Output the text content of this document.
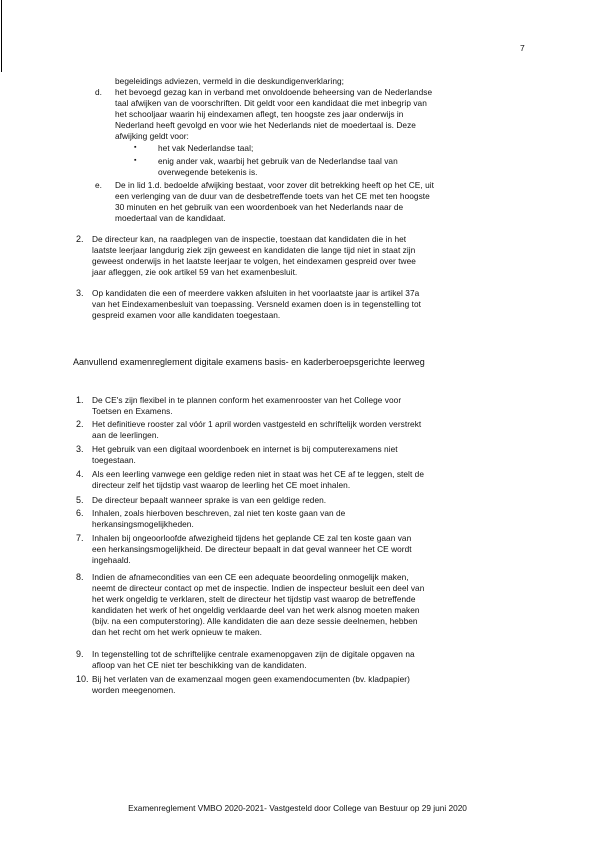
7
begeleidings adviezen, vermeld in die deskundigenverklaring;
d. het bevoegd gezag kan in verband met onvoldoende beheersing van de Nederlandse
taal afwijken van de voorschriften. Dit geldt voor een kandidaat die met inbegrip van
het schooljaar waarin hij eindexamen aflegt, ten hoogste zes jaar onderwijs in
Nederland heeft gevolgd en voor wie het Nederlands niet de moedertaal is. Deze
afwijking geldt voor:
▪	het vak Nederlandse taal;
▪	enig ander vak, waarbij het gebruik van de Nederlandse taal van
overwegende betekenis is.
e. De in lid 1.d. bedoelde afwijking bestaat, voor zover dit betrekking heeft op het CE, uit
een verlenging van de duur van de desbetreffende toets van het CE met ten hoogste
30 minuten en het gebruik van een woordenboek van het Nederlands naar de
moedertaal van de kandidaat.
2. De directeur kan, na raadplegen van de inspectie, toestaan dat kandidaten die in het
laatste leerjaar langdurig ziek zijn geweest en kandidaten die lange tijd niet in staat zijn
geweest onderwijs in het laatste leerjaar te volgen, het eindexamen gespreid over twee
jaar afleggen, zie ook artikel 59 van het examenbesluit.
3. Op kandidaten die een of meerdere vakken afsluiten in het voorlaatste jaar is artikel 37a
van het Eindexamenbesluit van toepassing. Versneld examen doen is in tegenstelling tot
gespreid examen voor alle kandidaten toegestaan.
Aanvullend examenreglement digitale examens basis- en kaderberoepsgerichte leerweg
1. De CE's zijn flexibel in te plannen conform het examenrooster van het College voor
Toetsen en Examens.
2. Het definitieve rooster zal vóór 1 april worden vastgesteld en schriftelijk worden verstrekt
aan de leerlingen.
3. Het gebruik van een digitaal woordenboek en internet is bij computerexamens niet
toegestaan.
4. Als een leerling vanwege een geldige reden niet in staat was het CE af te leggen, stelt de
directeur zelf het tijdstip vast waarop de leerling het CE moet inhalen.
5. De directeur bepaalt wanneer sprake is van een geldige reden.
6. Inhalen, zoals hierboven beschreven, zal niet ten koste gaan van de
herkansingsmogelijkheden.
7. Inhalen bij ongeoorloofde afwezigheid tijdens het geplande CE zal ten koste gaan van
een herkansingsmogelijkheid. De directeur bepaalt in dat geval wanneer het CE wordt
ingehaald.
8. Indien de afnamecondities van een CE een adequate beoordeling onmogelijk maken,
neemt de directeur contact op met de inspectie. Indien de inspecteur besluit een deel van
het werk ongeldig te verklaren, stelt de directeur het tijdstip vast waarop de betreffende
kandidaten het werk of het ongeldig verklaarde deel van het werk alsnog moeten maken
(bijv. na een computerstoring). Alle kandidaten die aan deze sessie deelnemen, hebben
dan het recht om het werk opnieuw te maken.
9. In tegenstelling tot de schriftelijke centrale examenopgaven zijn de digitale opgaven na
afloop van het CE niet ter beschikking van de kandidaten.
10. Bij het verlaten van de examenzaal mogen geen examendocumenten (bv. kladpapier)
worden meegenomen.
Examenreglement VMBO 2020-2021- Vastgesteld door College van Bestuur op 29 juni 2020
